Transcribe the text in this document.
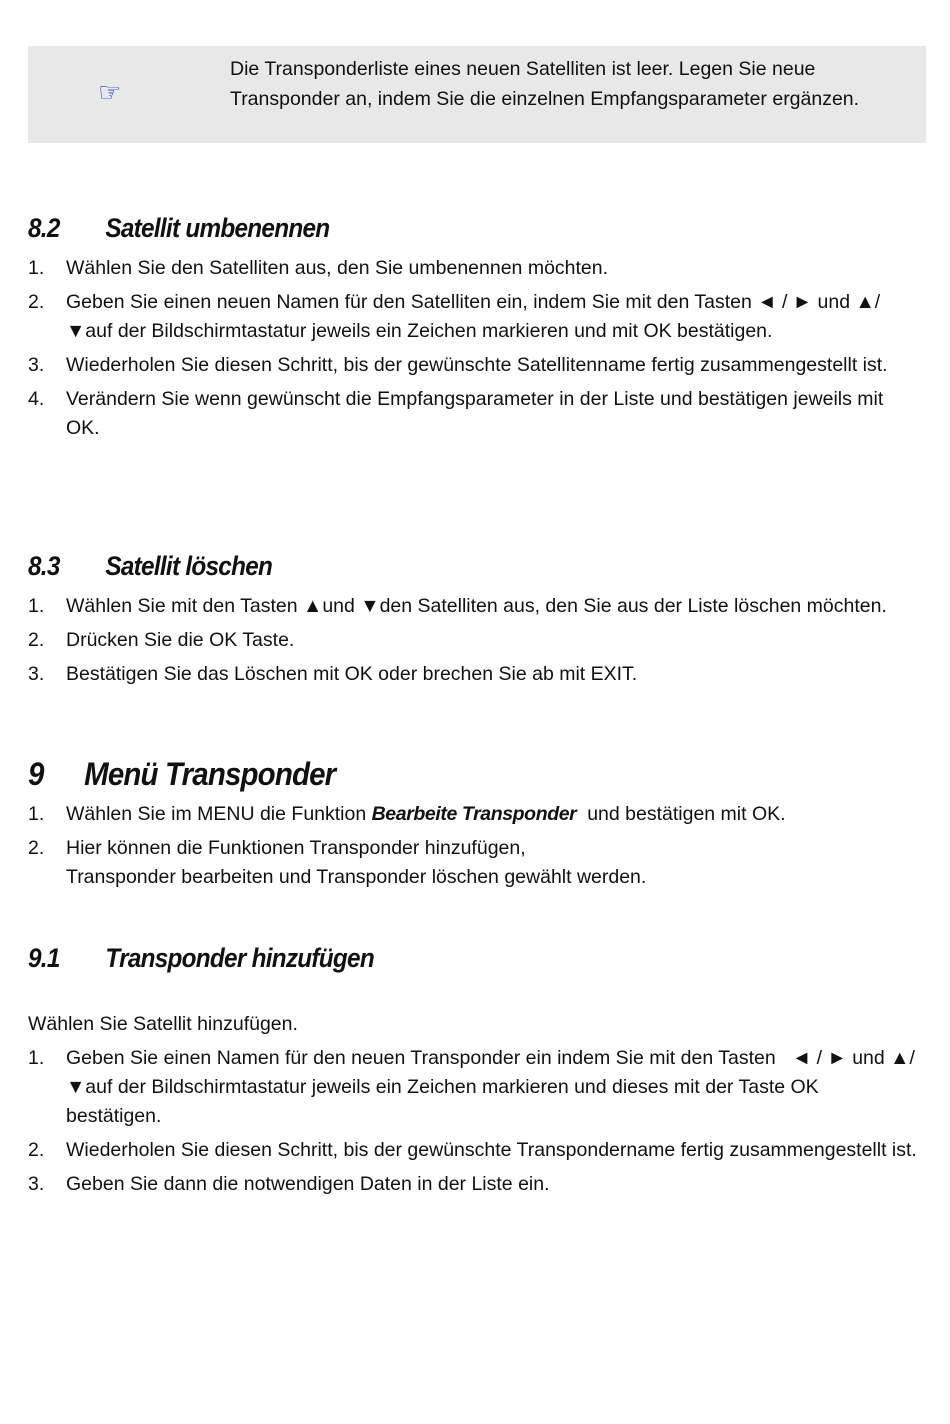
☞
Die Transponderliste eines neuen Satelliten ist leer. Legen Sie neue Transponder an, indem Sie die einzelnen Empfangsparameter ergänzen.
8.2 Satellit umbenennen
1. Wählen Sie den Satelliten aus, den Sie umbenennen möchten.
2. Geben Sie einen neuen Namen für den Satelliten ein, indem Sie mit den Tasten ◄ / ► und ▲/ ▼auf der Bildschirmtastatur jeweils ein Zeichen markieren und mit OK bestätigen.
3. Wiederholen Sie diesen Schritt, bis der gewünschte Satellitenname fertig zusammengestellt ist.
4. Verändern Sie wenn gewünscht die Empfangsparameter in der Liste und bestätigen jeweils mit OK.
8.3 Satellit löschen
1. Wählen Sie mit den Tasten ▲und ▼den Satelliten aus, den Sie aus der Liste löschen möchten.
2. Drücken Sie die OK Taste.
3. Bestätigen Sie das Löschen mit OK oder brechen Sie ab mit EXIT.
9 Menü Transponder
1. Wählen Sie im MENU die Funktion Bearbeite Transponder  und bestätigen mit OK.
2. Hier können die Funktionen Transponder hinzufügen,
Transponder bearbeiten und Transponder löschen gewählt werden.
9.1 Transponder hinzufügen
Wählen Sie Satellit hinzufügen.
1. Geben Sie einen Namen für den neuen Transponder ein indem Sie mit den Tasten   ◄ / ► und ▲/▼auf der Bildschirmtastatur jeweils ein Zeichen markieren und dieses mit der Taste OK bestätigen.
2. Wiederholen Sie diesen Schritt, bis der gewünschte Transpondername fertig zusammengestellt ist.
3. Geben Sie dann die notwendigen Daten in der Liste ein.
